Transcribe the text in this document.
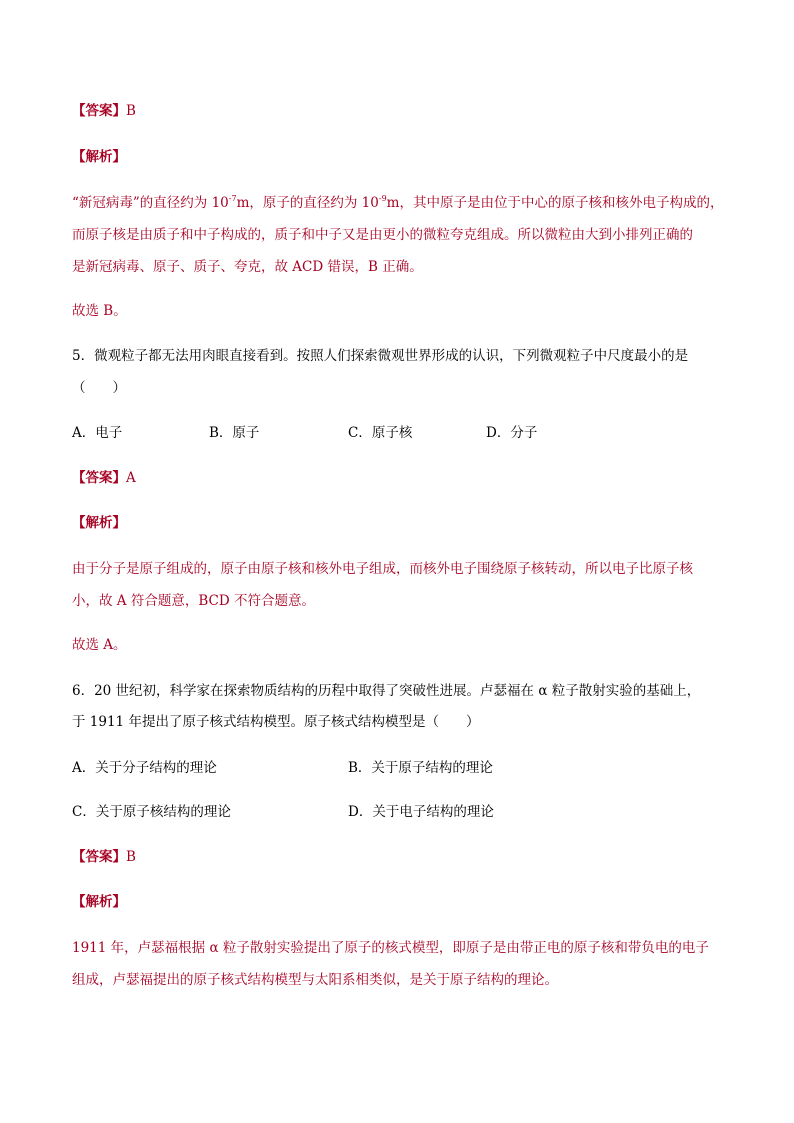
【答案】B
【解析】
“新冠病毒”的直径约为 $10^{-7}m$，原子的直径约为 $10^{-9}m$，其中原子是由位于中心的原子核和核外电子构成的，
而原子核是由质子和中子构成的，质子和中子又是由更小的微粒夸克组成。所以微粒由大到小排列正确的
是新冠病毒、原子、质子、夸克，故 ACD 错误，B 正确。
故选 B。
5．微观粒子都无法用肉眼直接看到。按照人们探索微观世界形成的认识，下列微观粒子中尺度最小的是
（　　）
A．电子	B．原子	C．原子核	D．分子
【答案】A
【解析】
由于分子是原子组成的，原子由原子核和核外电子组成，而核外电子围绕原子核转动，所以电子比原子核
小，故 A 符合题意，BCD 不符合题意。
故选 A。
6．20 世纪初，科学家在探索物质结构的历程中取得了突破性进展。卢瑟福在 α 粒子散射实验的基础上，
于 1911 年提出了原子核式结构模型。原子核式结构模型是（　　）
A．关于分子结构的理论	B．关于原子结构的理论
C．关于原子核结构的理论	D．关于电子结构的理论
【答案】B
【解析】
1911 年，卢瑟福根据 α 粒子散射实验提出了原子的核式模型，即原子是由带正电的原子核和带负电的电子
组成，卢瑟福提出的原子核式结构模型与太阳系相类似，是关于原子结构的理论。
